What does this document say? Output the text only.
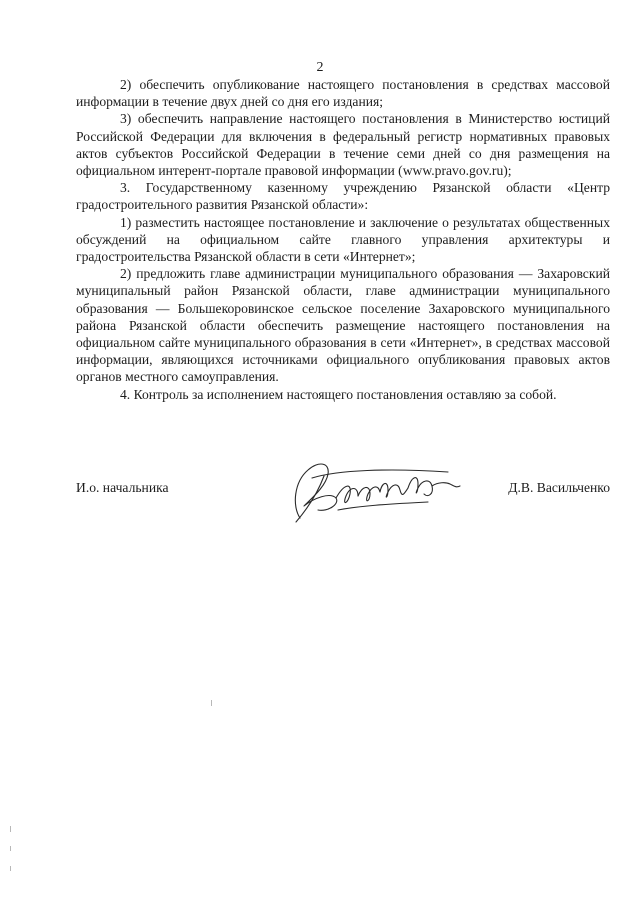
2

2) обеспечить опубликование настоящего постановления в средствах массовой информации в течение двух дней со дня его издания;

3) обеспечить направление настоящего постановления в Министерство юстиций Российской Федерации для включения в федеральный регистр нормативных правовых актов субъектов Российской Федерации в течение семи дней со дня размещения на официальном интерент-портале правовой информации (www.pravo.gov.ru);

3. Государственному казенному учреждению Рязанской области «Центр градостроительного развития Рязанской области»:

1) разместить настоящее постановление и заключение о результатах общественных обсуждений на официальном сайте главного управления архитектуры и градостроительства Рязанской области в сети «Интернет»;

2) предложить главе администрации муниципального образования — Захаровский муниципальный район Рязанской области, главе администрации муниципального образования — Большекоровинское сельское поселение Захаровского муниципального района Рязанской области обеспечить размещение настоящего постановления на официальном сайте муниципального образования в сети «Интернет», в средствах массовой информации, являющихся источниками официального опубликования правовых актов органов местного самоуправления.

4. Контроль за исполнением настоящего постановления оставляю за собой.

И.о. начальника	Д.В. Васильченко
